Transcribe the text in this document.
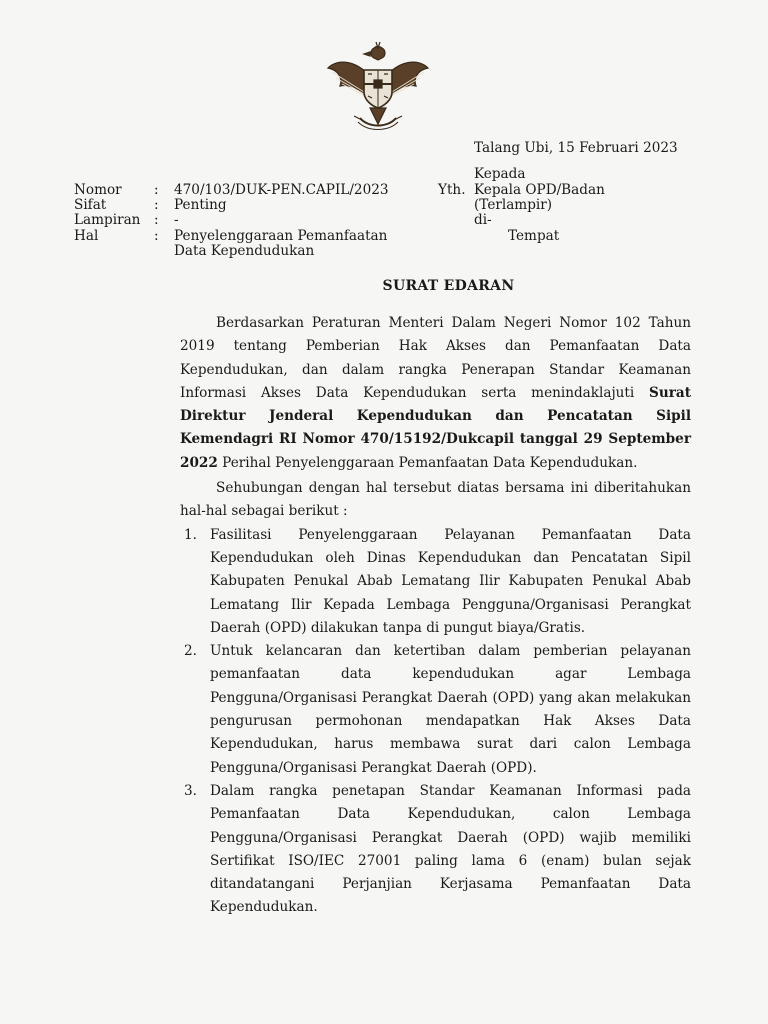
Talang Ubi, 15 Februari 2023
Kepada
Yth. Kepala OPD/Badan
(Terlampir)
di-
Tempat
Nomor : 470/103/DUK-PEN.CAPIL/2023
Sifat	: Penting
Lampiran : -
Hal	: Penyelenggaraan Pemanfaatan
Data Kependudukan
SURAT EDARAN

Berdasarkan Peraturan Menteri Dalam Negeri Nomor 102 Tahun 2019 tentang Pemberian Hak Akses dan Pemanfaatan Data Kependudukan, dan dalam rangka Penerapan Standar Keamanan Informasi Akses Data Kependudukan serta menindaklajuti Surat Direktur Jenderal Kependudukan dan Pencatatan Sipil Kemendagri RI Nomor 470/15192/Dukcapil tanggal 29 September 2022 Perihal Penyelenggaraan Pemanfaatan Data Kependudukan.

Sehubungan dengan hal tersebut diatas bersama ini diberitahukan hal-hal sebagai berikut :

1. Fasilitasi Penyelenggaraan Pelayanan Pemanfaatan Data Kependudukan oleh Dinas Kependudukan dan Pencatatan Sipil Kabupaten Penukal Abab Lematang Ilir Kabupaten Penukal Abab Lematang Ilir Kepada Lembaga Pengguna/Organisasi Perangkat Daerah (OPD) dilakukan tanpa di pungut biaya/Gratis.
2. Untuk kelancaran dan ketertiban dalam pemberian pelayanan pemanfaatan data kependudukan agar Lembaga Pengguna/Organisasi Perangkat Daerah (OPD) yang akan melakukan pengurusan permohonan mendapatkan Hak Akses Data Kependudukan, harus membawa surat dari calon Lembaga Pengguna/Organisasi Perangkat Daerah (OPD).
3. Dalam rangka penetapan Standar Keamanan Informasi pada Pemanfaatan Data Kependudukan, calon Lembaga Pengguna/Organisasi Perangkat Daerah (OPD) wajib memiliki Sertifikat ISO/IEC 27001 paling lama 6 (enam) bulan sejak ditandatangani Perjanjian Kerjasama Pemanfaatan Data Kependudukan.
